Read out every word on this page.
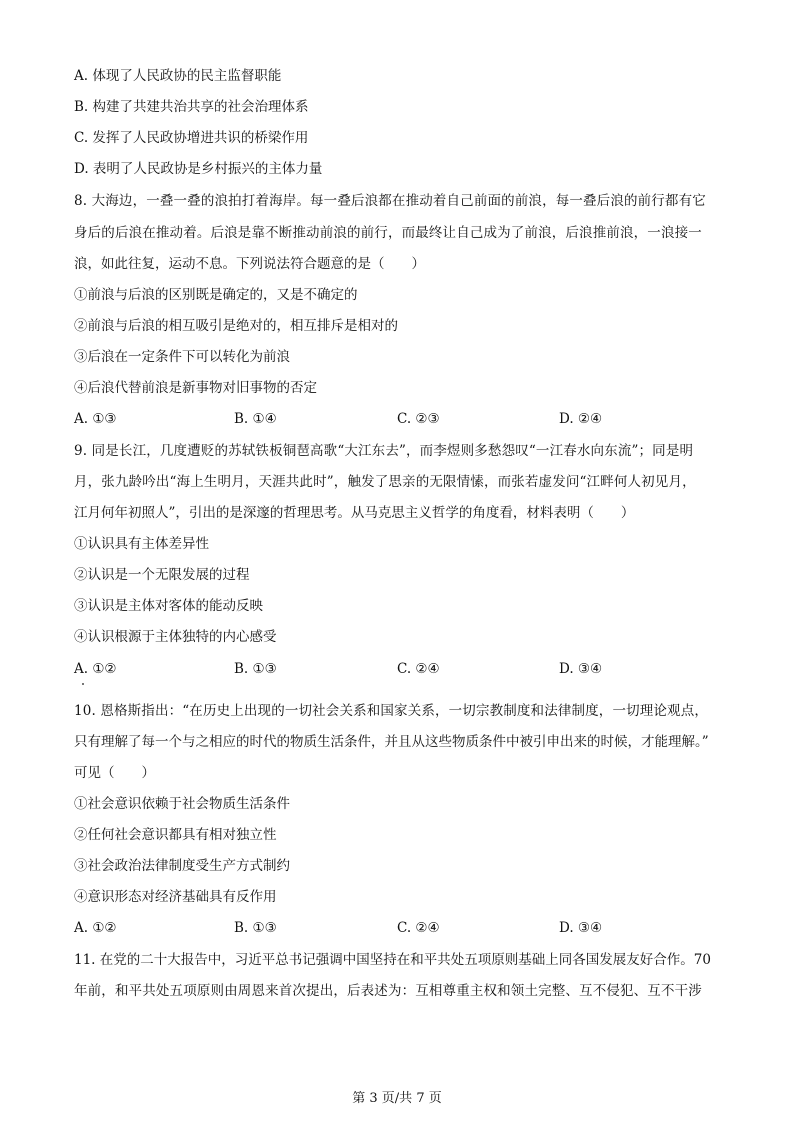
A. 体现了人民政协的民主监督职能
B. 构建了共建共治共享的社会治理体系
C. 发挥了人民政协增进共识的桥梁作用
D. 表明了人民政协是乡村振兴的主体力量
8. 大海边，一叠一叠的浪拍打着海岸。每一叠后浪都在推动着自己前面的前浪，每一叠后浪的前行都有它
身后的后浪在推动着。后浪是靠不断推动前浪的前行，而最终让自己成为了前浪，后浪推前浪，一浪接一
浪，如此往复，运动不息。下列说法符合题意的是（　　）
①前浪与后浪的区别既是确定的，又是不确定的
②前浪与后浪的相互吸引是绝对的，相互排斥是相对的
③后浪在一定条件下可以转化为前浪
④后浪代替前浪是新事物对旧事物的否定
A. ①③	B. ①④	C. ②③	D. ②④
9. 同是长江，几度遭贬的苏轼铁板铜琶高歌“大江东去”，而李煜则多愁怨叹“一江春水向东流”；同是明
月，张九龄吟出“海上生明月，天涯共此时”，触发了思亲的无限情愫，而张若虚发问“江畔何人初见月，
江月何年初照人”，引出的是深邃的哲理思考。从马克思主义哲学的角度看，材料表明（　　）
①认识具有主体差异性
②认识是一个无限发展的过程
③认识是主体对客体的能动反映
④认识根源于主体独特的内心感受
A. ①②	B. ①③	C. ②④	D. ③④
10. 恩格斯指出：“在历史上出现的一切社会关系和国家关系，一切宗教制度和法律制度，一切理论观点，
只有理解了每一个与之相应的时代的物质生活条件，并且从这些物质条件中被引申出来的时候，才能理解。”
可见（　　）
①社会意识依赖于社会物质生活条件
②任何社会意识都具有相对独立性
③社会政治法律制度受生产方式制约
④意识形态对经济基础具有反作用
A. ①②	B. ①③	C. ②④	D. ③④
11. 在党的二十大报告中，习近平总书记强调中国坚持在和平共处五项原则基础上同各国发展友好合作。70
年前，和平共处五项原则由周恩来首次提出，后表述为：互相尊重主权和领土完整、互不侵犯、互不干涉
第 3 页/共 7 页
